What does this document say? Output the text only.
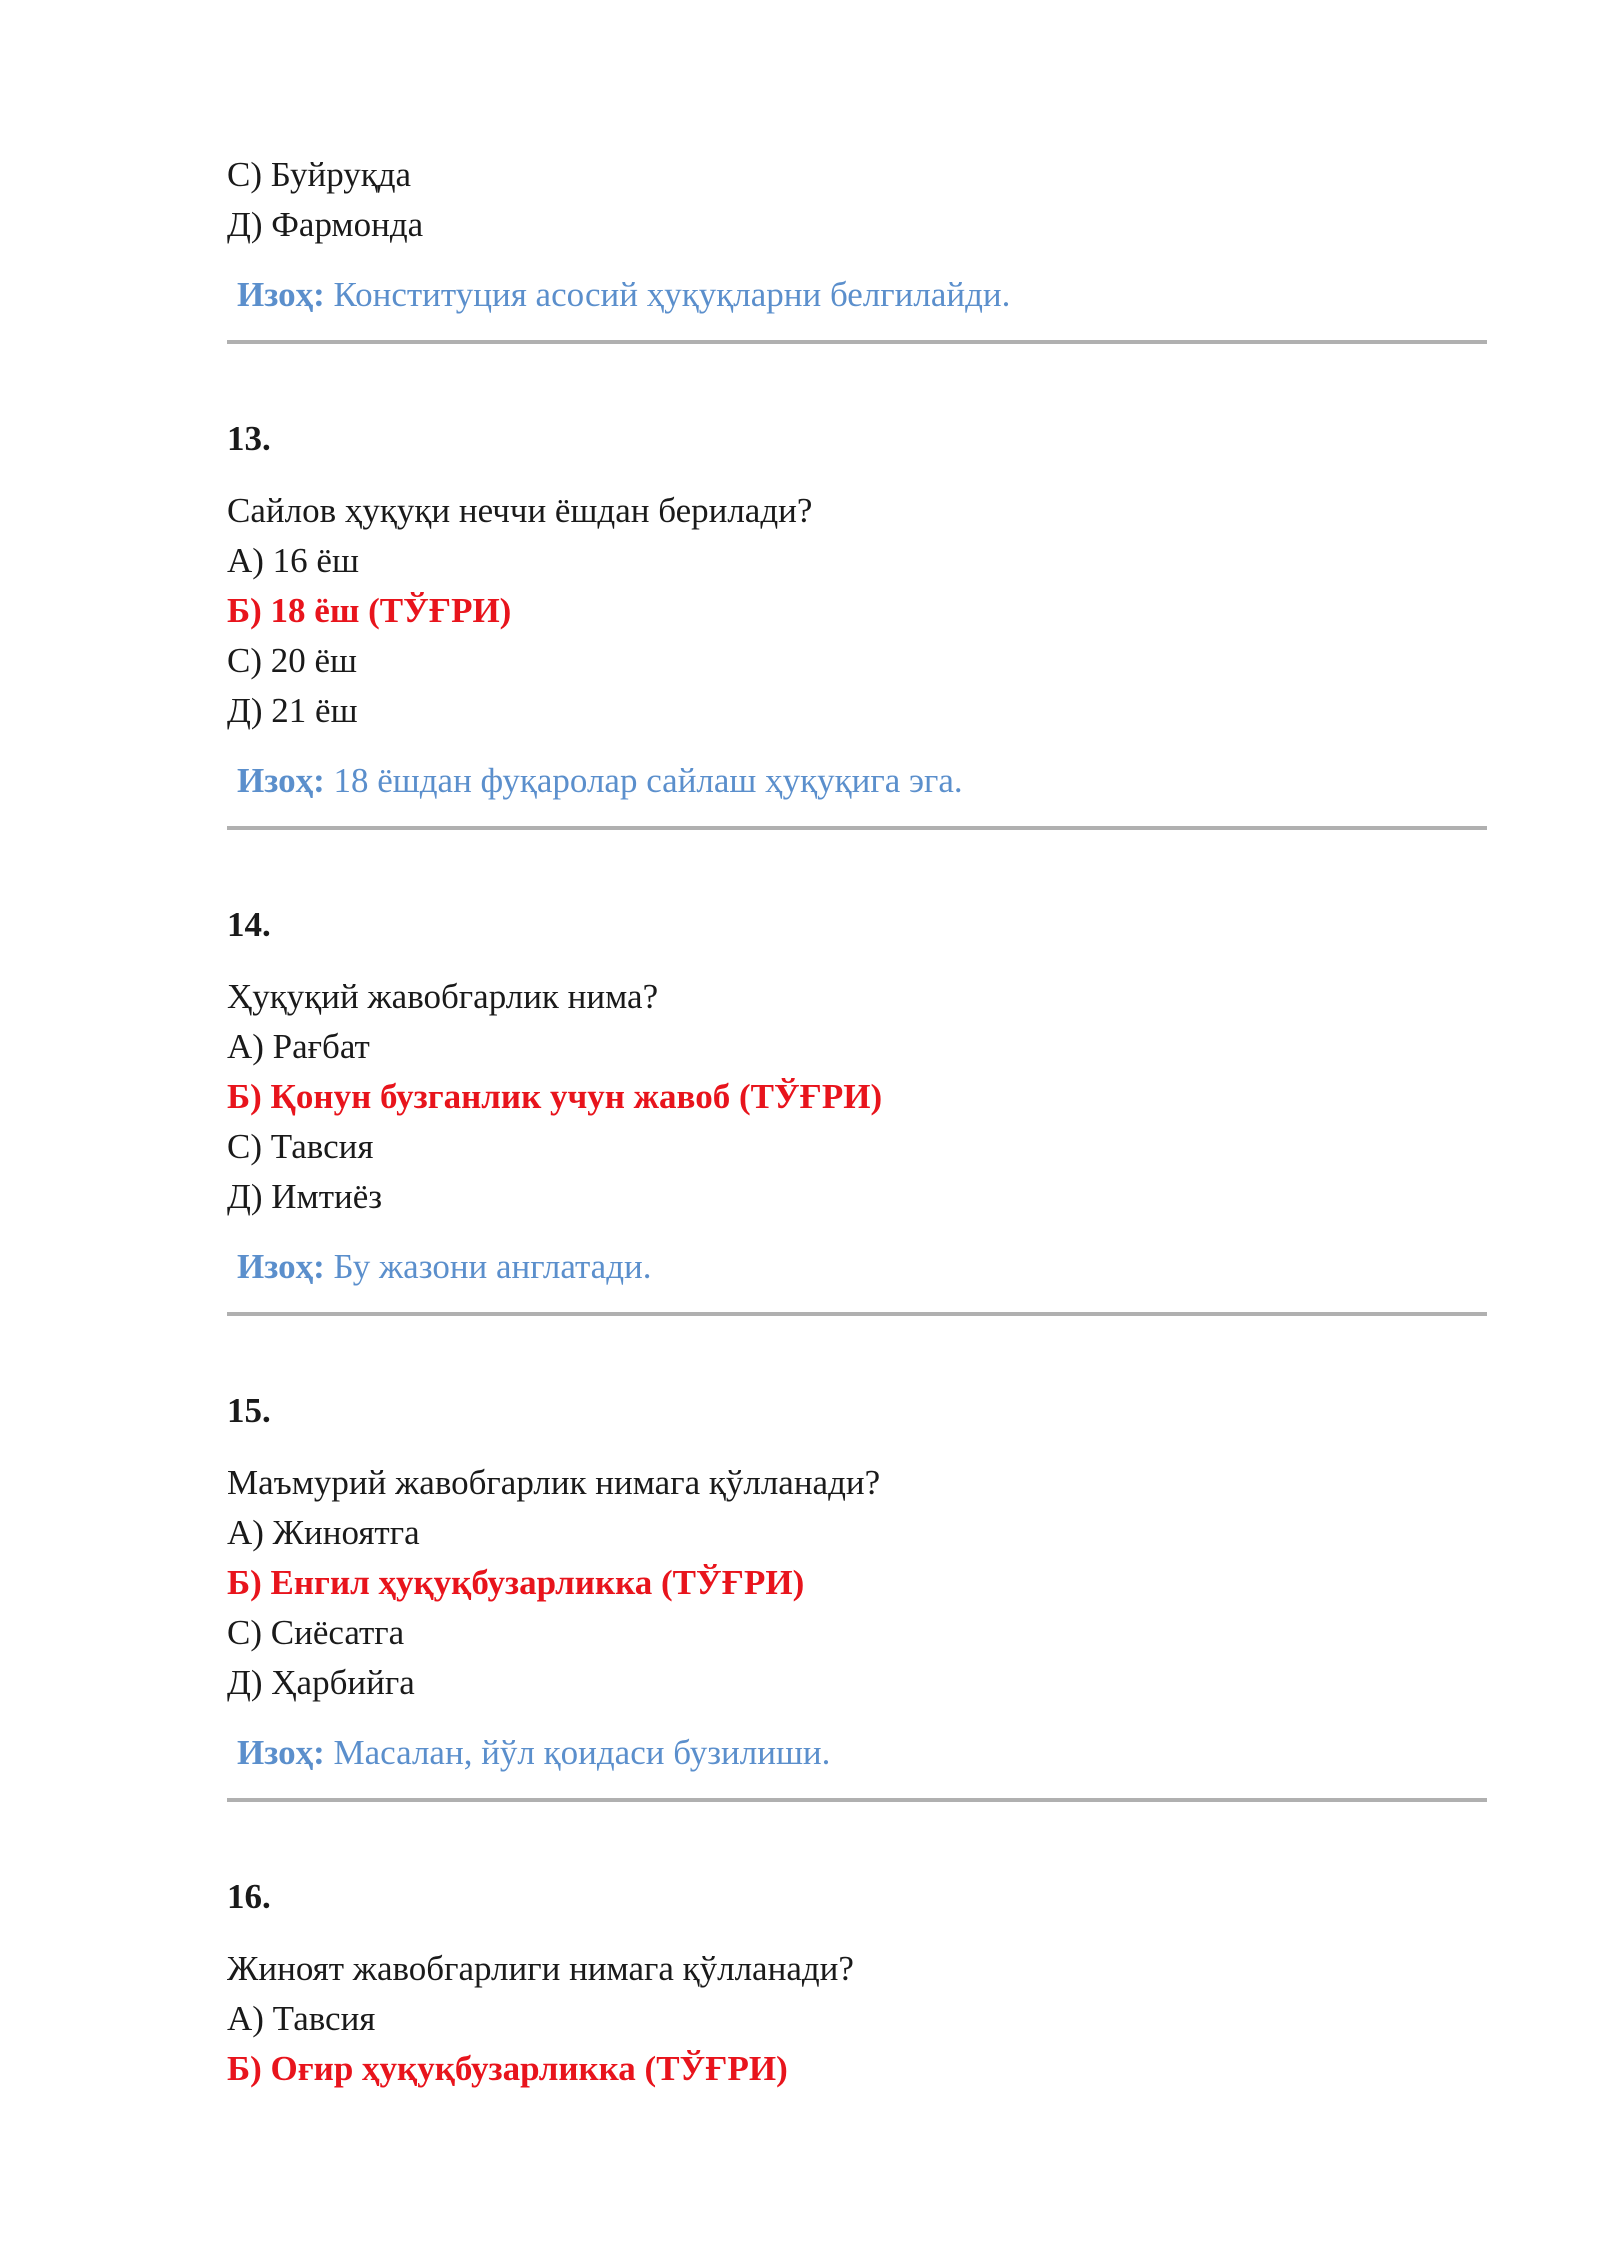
С) Буйруқда
Д) Фармонда
Изоҳ: Конституция асосий ҳуқуқларни белгилайди.
13.
Сайлов ҳуқуқи неччи ёшдан берилади?
А) 16 ёш
Б) 18 ёш (ТЎҒРИ)
С) 20 ёш
Д) 21 ёш
Изоҳ: 18 ёшдан фуқаролар сайлаш ҳуқуқига эга.
14.
Ҳуқуқий жавобгарлик нима?
А) Рағбат
Б) Қонун бузганлик учун жавоб (ТЎҒРИ)
С) Тавсия
Д) Имтиёз
Изоҳ: Бу жазони англатади.
15.
Маъмурий жавобгарлик нимага қўлланади?
А) Жиноятга
Б) Енгил ҳуқуқбузарликка (ТЎҒРИ)
С) Сиёсатга
Д) Ҳарбийга
Изоҳ: Масалан, йўл қоидаси бузилиши.
16.
Жиноят жавобгарлиги нимага қўлланади?
А) Тавсия
Б) Оғир ҳуқуқбузарликка (ТЎҒРИ)
